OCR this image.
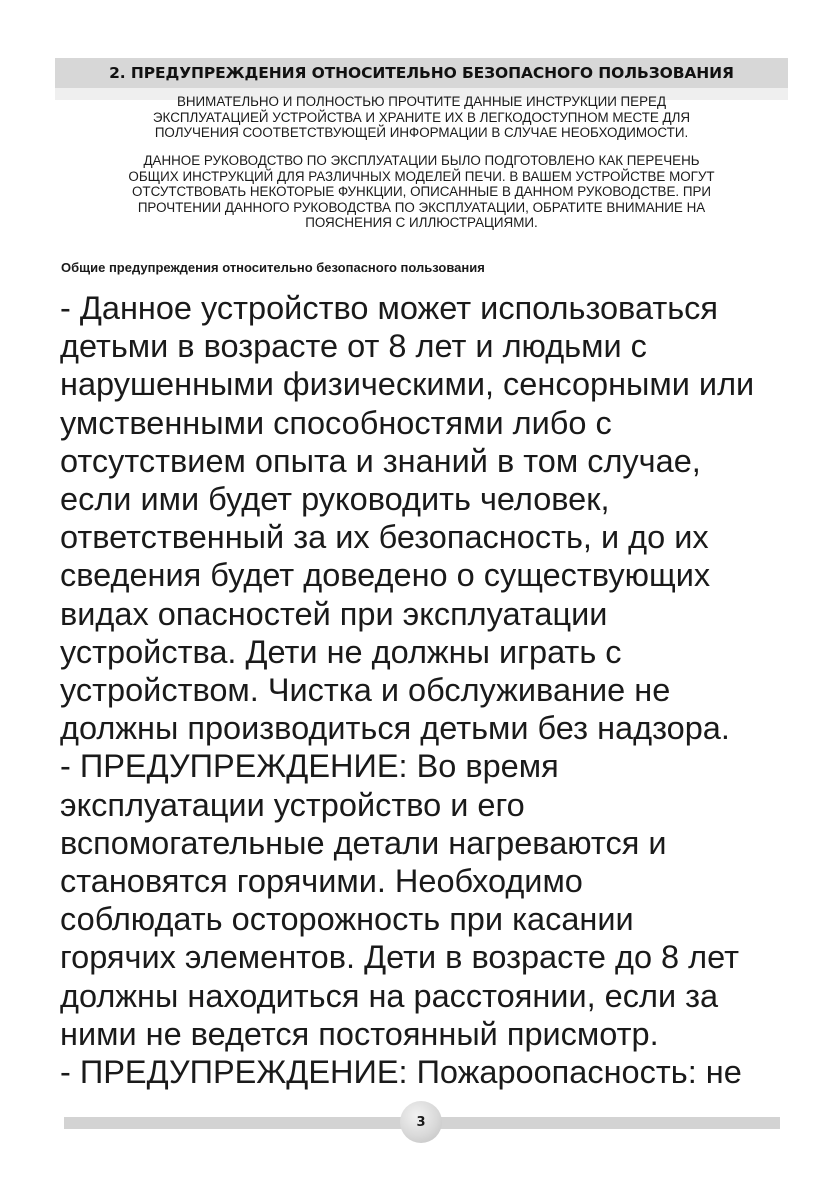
2. ПРЕДУПРЕЖДЕНИЯ ОТНОСИТЕЛЬНО БЕЗОПАСНОГО ПОЛЬЗОВАНИЯ
ВНИМАТЕЛЬНО И ПОЛНОСТЬЮ ПРОЧТИТЕ ДАННЫЕ ИНСТРУКЦИИ ПЕРЕД
ЭКСПЛУАТАЦИЕЙ УСТРОЙСТВА И ХРАНИТЕ ИХ В ЛЕГКОДОСТУПНОМ МЕСТЕ ДЛЯ
ПОЛУЧЕНИЯ СООТВЕТСТВУЮЩЕЙ ИНФОРМАЦИИ В СЛУЧАЕ НЕОБХОДИМОСТИ.
ДАННОЕ РУКОВОДСТВО ПО ЭКСПЛУАТАЦИИ БЫЛО ПОДГОТОВЛЕНО КАК ПЕРЕЧЕНЬ
ОБЩИХ ИНСТРУКЦИЙ ДЛЯ РАЗЛИЧНЫХ МОДЕЛЕЙ ПЕЧИ. В ВАШЕМ УСТРОЙСТВЕ МОГУТ
ОТСУТСТВОВАТЬ НЕКОТОРЫЕ ФУНКЦИИ, ОПИСАННЫЕ В ДАННОМ РУКОВОДСТВЕ. ПРИ
ПРОЧТЕНИИ ДАННОГО РУКОВОДСТВА ПО ЭКСПЛУАТАЦИИ, ОБРАТИТЕ ВНИМАНИЕ НА
ПОЯСНЕНИЯ С ИЛЛЮСТРАЦИЯМИ.
Общие предупреждения относительно безопасного пользования
- Данное устройство может использоваться
детьми в возрасте от 8 лет и людьми с
нарушенными физическими, сенсорными или
умственными способностями либо с
отсутствием опыта и знаний в том случае,
если ими будет руководить человек,
ответственный за их безопасность, и до их
сведения будет доведено о существующих
видах опасностей при эксплуатации
устройства. Дети не должны играть с
устройством. Чистка и обслуживание не
должны производиться детьми без надзора.
- ПРЕДУПРЕЖДЕНИЕ: Во время
эксплуатации устройство и его
вспомогательные детали нагреваются и
становятся горячими. Необходимо
соблюдать осторожность при касании
горячих элементов. Дети в возрасте до 8 лет
должны находиться на расстоянии, если за
ними не ведется постоянный присмотр.
- ПРЕДУПРЕЖДЕНИЕ: Пожароопасность: не
3
